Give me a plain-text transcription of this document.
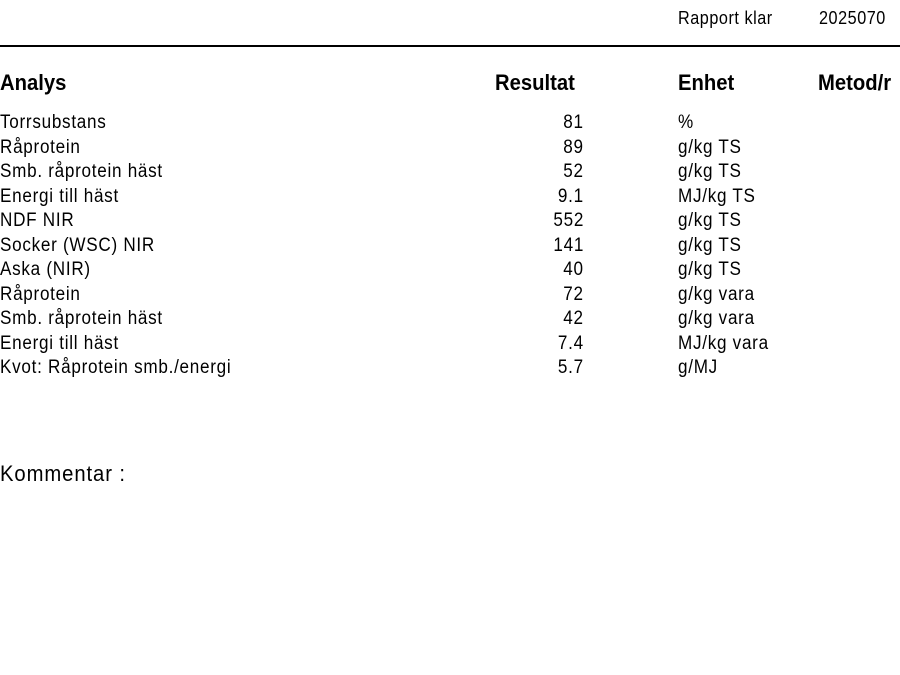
Rapport klar	2025070
Analys	Resultat	Enhet	Metod/r
Torrsubstans	81	%
Råprotein	89	g/kg TS
Smb. råprotein häst	52	g/kg TS
Energi till häst	9.1	MJ/kg TS
NDF NIR	552	g/kg TS
Socker (WSC) NIR	141	g/kg TS
Aska (NIR)	40	g/kg TS
Råprotein	72	g/kg vara
Smb. råprotein häst	42	g/kg vara
Energi till häst	7.4	MJ/kg vara
Kvot: Råprotein smb./energi	5.7	g/MJ
Kommentar :
